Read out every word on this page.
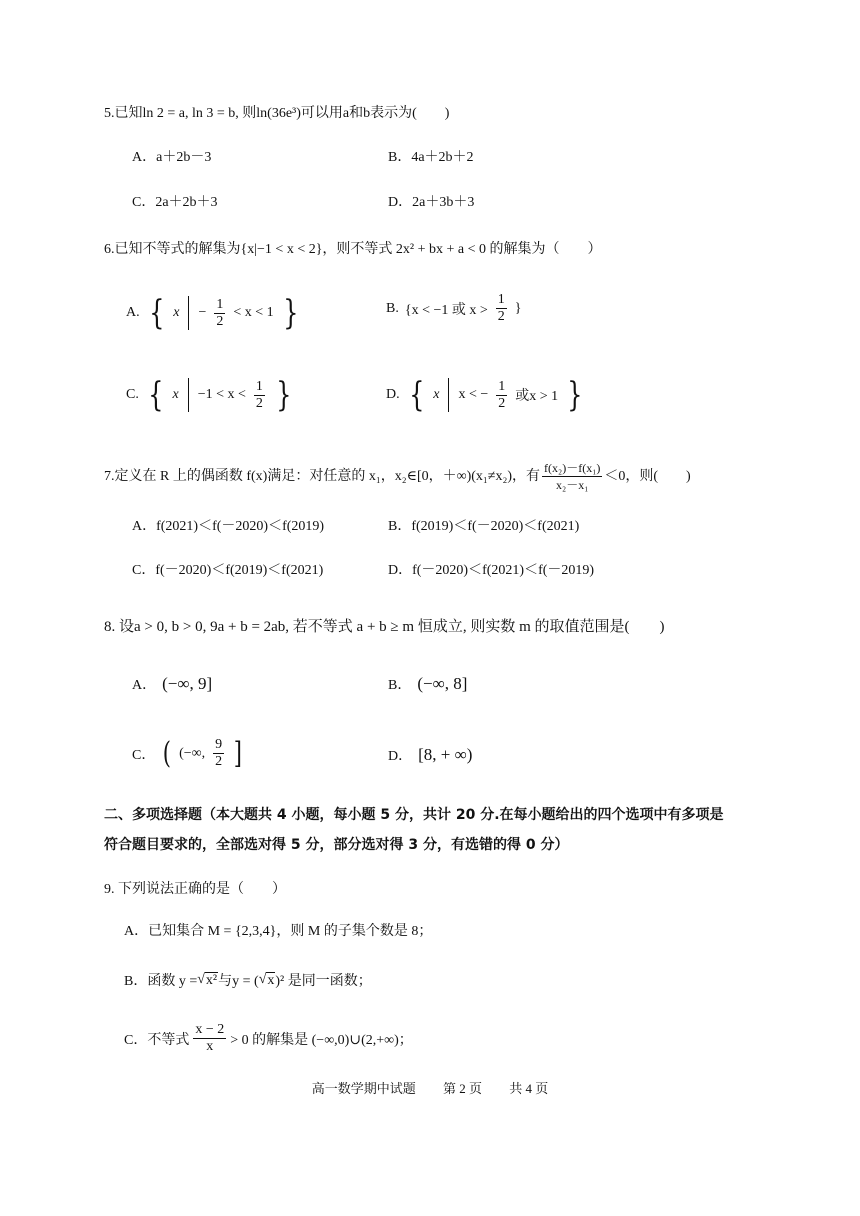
5.已知ln 2 = a, ln 3 = b, 则ln(36e³)可以用a和b表示为(　　)
A．a＋2b－3	B．4a＋2b＋2
C．2a＋2b＋3	D．2a＋3b＋3
6.已知不等式的解集为{x|−1 < x < 2}，则不等式 2x² + bx + a < 0 的解集为（　　）
A. { $x - \frac{1}{2} < x < 1$ }	B. {x < −1 或 $x > \frac{1}{2}$ }
C. { $x -1 < x < \frac{1}{2}$ }	D. { x x < − $\frac{1}{2}$ 或x > 1 }
7.定义在 R 上的偶函数 f(x)满足：对任意的 x₁，x₂∈[0，＋∞)(x₁≠x₂)，有 $\frac{\text{f(x₂)－f(x₁)}}{\text{x₂－x₁}} <0$，则(　　)
A．f(2021)＜f(－2020)＜f(2019)	B．f(2019)＜f(－2020)＜f(2021)
C．f(－2020)＜f(2019)＜f(2021)	D．f(－2020)＜f(2021)＜f(－2019)
8. 设a > 0, b > 0, 9a + b = 2ab, 若不等式 a + b ≥ m 恒成立, 则实数 m 的取值范围是(　　)
A． (−∞, 9]	B． (−∞, 8]
C． ( (−∞, $\frac{9}{2}$ ]	D． [8, + ∞)
二、多项选择题（本大题共 4 小题，每小题 5 分，共计 20 分.在每小题给出的四个选项中有多项是
符合题目要求的，全部选对得 5 分，部分选对得 3 分，有选错的得 0 分）
9. 下列说法正确的是（　　）
A．已知集合 M = {2,3,4}，则 M 的子集个数是 8；
B．函数 y = √ x² 与y = ( √ x )² 是同一函数；
C．不等式 $\frac{x - 2}{x} > 0$ 的解集是 (−∞,0)∪(2,+∞)；
高一数学期中试题 第 2 页 共 4 页
